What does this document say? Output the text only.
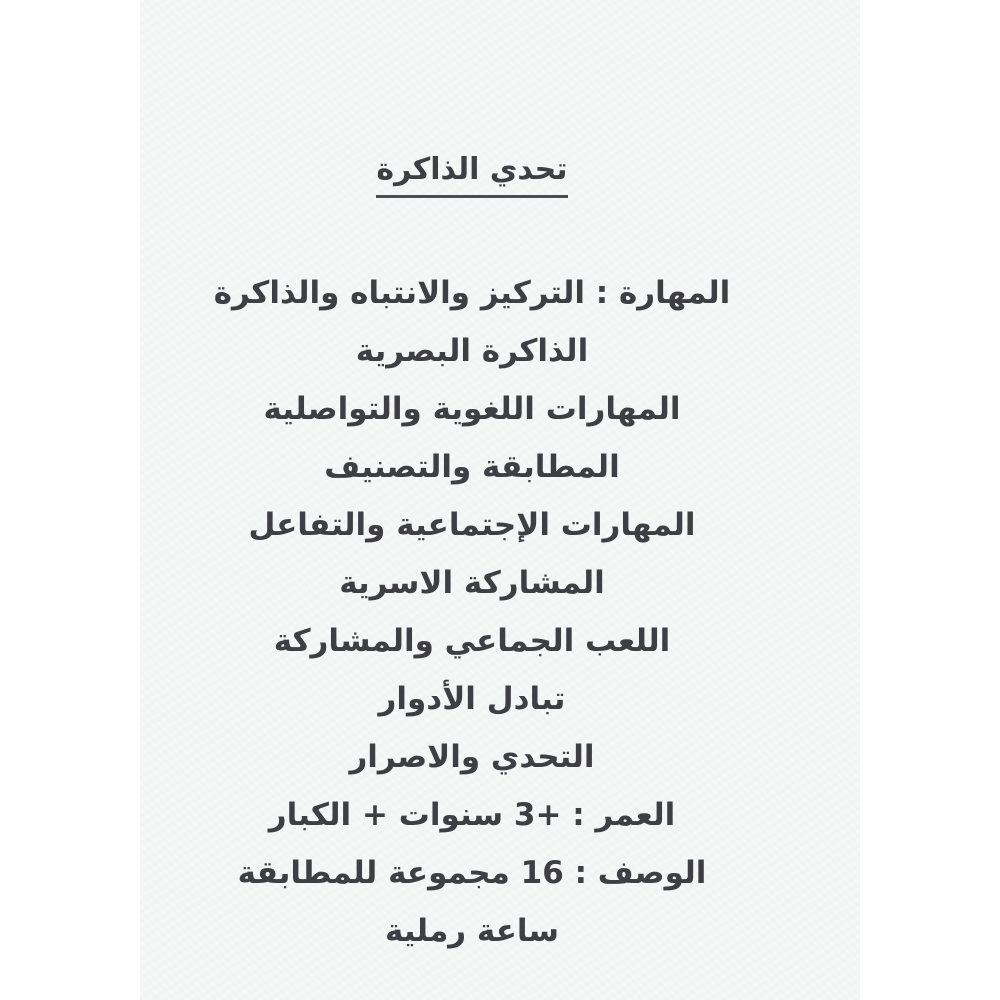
تحدي الذاكرة
المهارة : التركيز والانتباه والذاكرة
الذاكرة البصرية
المهارات اللغوية والتواصلية
المطابقة والتصنيف
المهارات الإجتماعية والتفاعل
المشاركة الاسرية
اللعب الجماعي والمشاركة
تبادل الأدوار
التحدي والاصرار
العمر : +3 سنوات + الكبار
الوصف : 16 مجموعة للمطابقة
ساعة رملية
